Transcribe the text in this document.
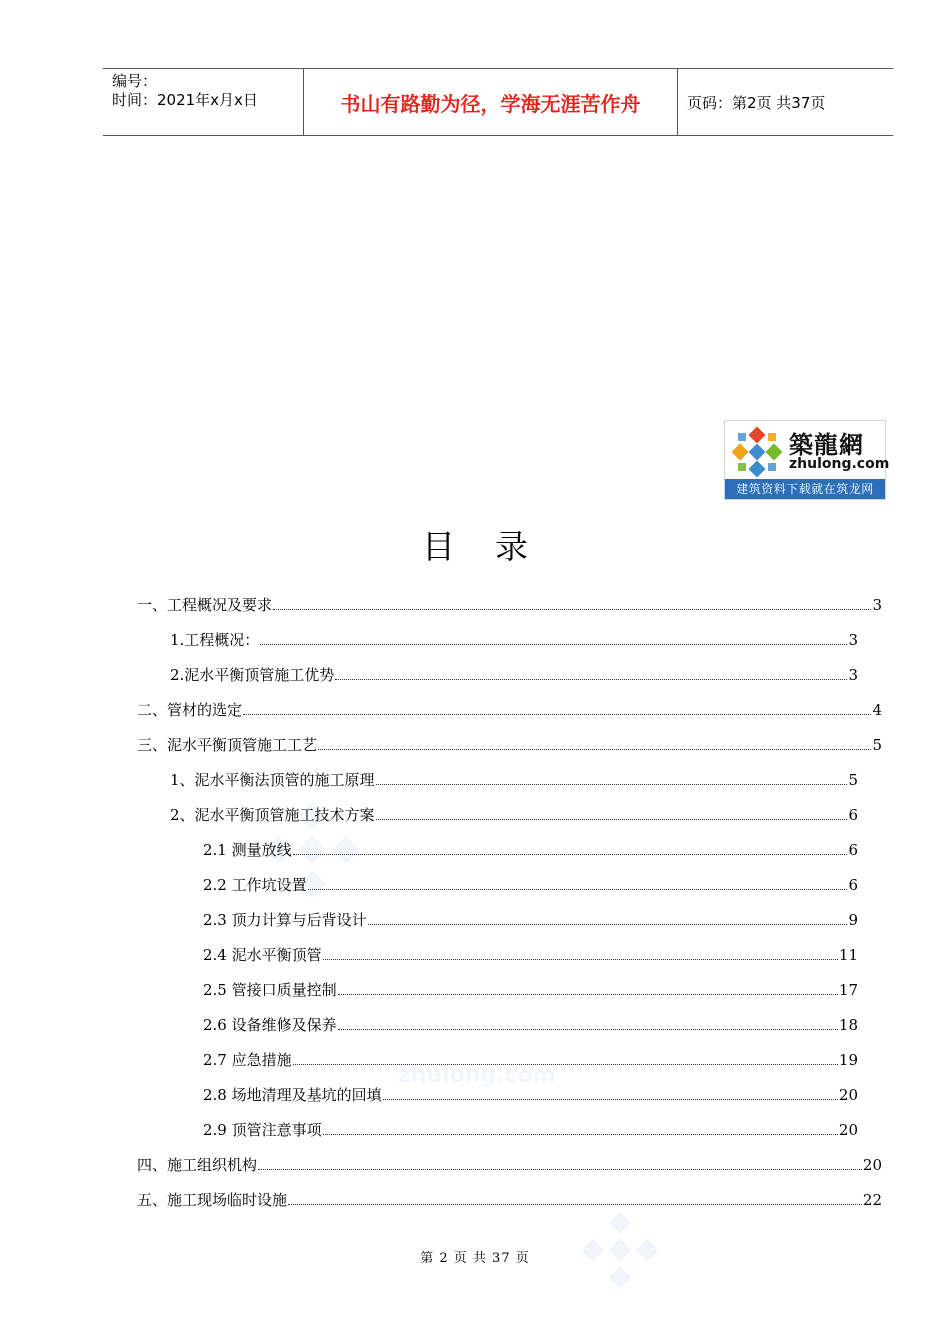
编号：
时间：2021年x月x日	书山有路勤为径，学海无涯苦作舟	页码：第2页 共37页
築龍網
zhulong.com
建筑资料下载就在筑龙网
zhulong.com
目录
一、工程概况及要求	3
1.工程概况：	3
2.泥水平衡顶管施工优势	3
二、管材的选定	4
三、泥水平衡顶管施工工艺	5
1、泥水平衡法顶管的施工原理	5
2、泥水平衡顶管施工技术方案	6
2.1 测量放线	6
2.2 工作坑设置	6
2.3 顶力计算与后背设计	9
2.4 泥水平衡顶管	11
2.5 管接口质量控制	17
2.6 设备维修及保养	18
2.7 应急措施	19
2.8 场地清理及基坑的回填	20
2.9 顶管注意事项	20
四、施工组织机构	20
五、施工现场临时设施	22
第 2 页 共 37 页
